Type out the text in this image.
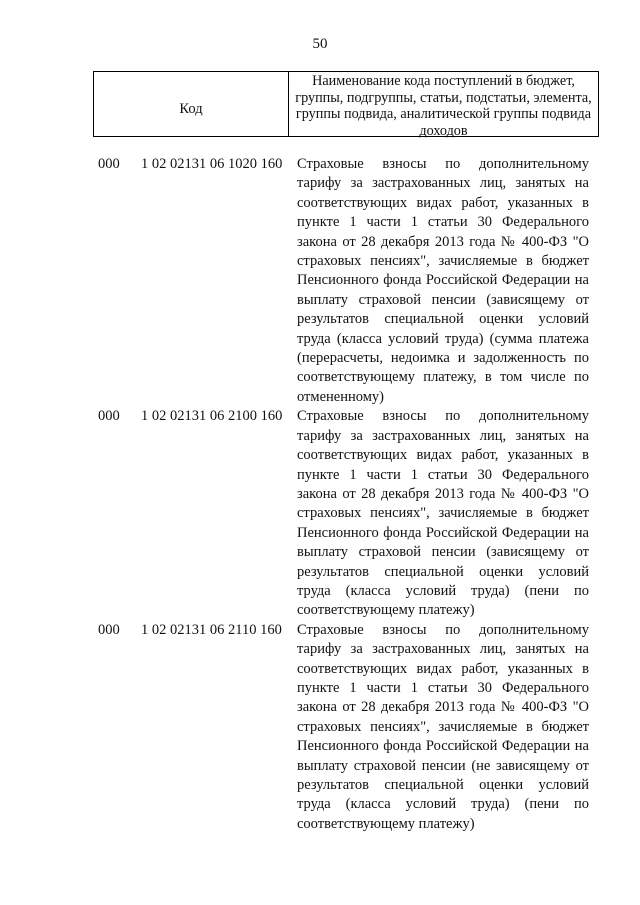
50
Код
Наименование кода поступлений в бюджет, группы, подгруппы, статьи, подстатьи, элемента, группы подвида, аналитической группы подвида доходов
000 1 02 02131 06 1020 160 Страховые взносы по дополнительному тарифу за застрахованных лиц, занятых на соответствующих видах работ, указанных в пункте 1 части 1 статьи 30 Федерального закона от 28 декабря 2013 года № 400-ФЗ "О страховых пенсиях", зачисляемые в бюджет Пенсионного фонда Российской Федерации на выплату страховой пенсии (зависящему от результатов специальной оценки условий труда (класса условий труда) (сумма платежа (перерасчеты, недоимка и задолженность по соответствующему платежу, в том числе по отмененному)
000 1 02 02131 06 2100 160 Страховые взносы по дополнительному тарифу за застрахованных лиц, занятых на соответствующих видах работ, указанных в пункте 1 части 1 статьи 30 Федерального закона от 28 декабря 2013 года № 400-ФЗ "О страховых пенсиях", зачисляемые в бюджет Пенсионного фонда Российской Федерации на выплату страховой пенсии (зависящему от результатов специальной оценки условий труда (класса условий труда) (пени по соответствующему платежу)
000 1 02 02131 06 2110 160 Страховые взносы по дополнительному тарифу за застрахованных лиц, занятых на соответствующих видах работ, указанных в пункте 1 части 1 статьи 30 Федерального закона от 28 декабря 2013 года № 400-ФЗ "О страховых пенсиях", зачисляемые в бюджет Пенсионного фонда Российской Федерации на выплату страховой пенсии (не зависящему от результатов специальной оценки условий труда (класса условий труда) (пени по соответствующему платежу)
